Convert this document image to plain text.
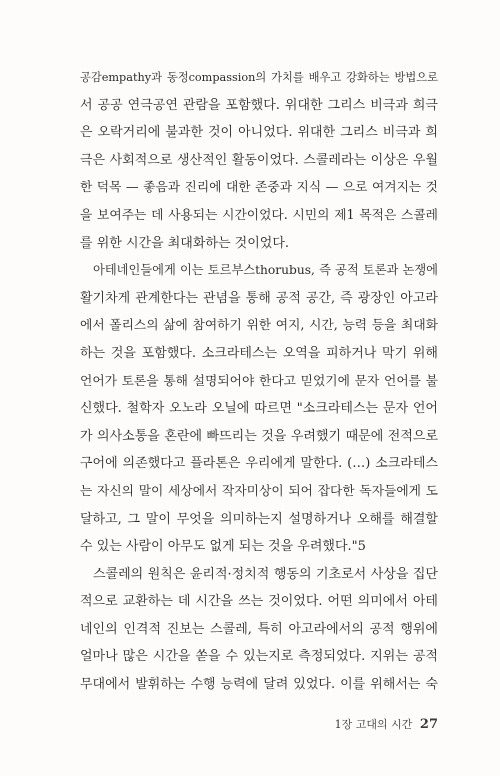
공감empathy과 동정compassion의 가치를 배우고 강화하는 방법으로
서 공공 연극공연 관람을 포함했다. 위대한 그리스 비극과 희극
은 오락거리에 불과한 것이 아니었다. 위대한 그리스 비극과 희
극은 사회적으로 생산적인 활동이었다. 스콜레라는 이상은 우월
한 덕목 — 좋음과 진리에 대한 존중과 지식 — 으로 여겨지는 것
을 보여주는 데 사용되는 시간이었다. 시민의 제1 목적은 스콜레
를 위한 시간을 최대화하는 것이었다.
아테네인들에게 이는 토르부스thorubus, 즉 공적 토론과 논쟁에
활기차게 관계한다는 관념을 통해 공적 공간, 즉 광장인 아고라
에서 폴리스의 삶에 참여하기 위한 여지, 시간, 능력 등을 최대화
하는 것을 포함했다. 소크라테스는 오역을 피하거나 막기 위해
언어가 토론을 통해 설명되어야 한다고 믿었기에 문자 언어를 불
신했다. 철학자 오노라 오닐에 따르면 "소크라테스는 문자 언어
가 의사소통을 혼란에 빠뜨리는 것을 우려했기 때문에 전적으로
구어에 의존했다고 플라톤은 우리에게 말한다. (…) 소크라테스
는 자신의 말이 세상에서 작자미상이 되어 잡다한 독자들에게 도
달하고, 그 말이 무엇을 의미하는지 설명하거나 오해를 해결할
수 있는 사람이 아무도 없게 되는 것을 우려했다."5
스콜레의 원칙은 윤리적·정치적 행동의 기초로서 사상을 집단
적으로 교환하는 데 시간을 쓰는 것이었다. 어떤 의미에서 아테
네인의 인격적 진보는 스콜레, 특히 아고라에서의 공적 행위에
얼마나 많은 시간을 쏟을 수 있는지로 측정되었다. 지위는 공적
무대에서 발휘하는 수행 능력에 달려 있었다. 이를 위해서는 숙
1장 고대의 시간 27
